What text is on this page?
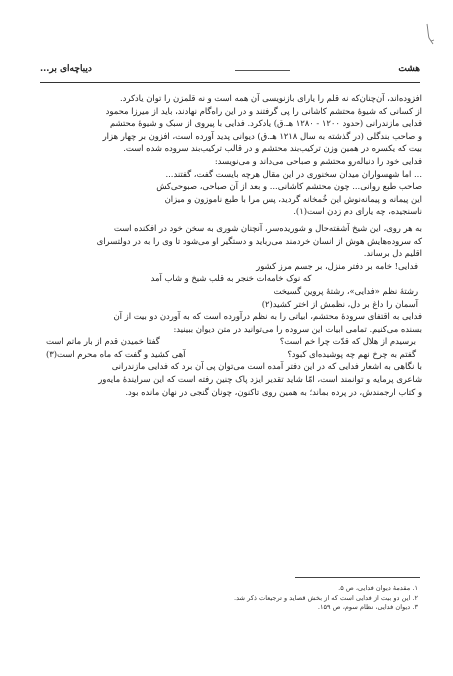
هشت
دیباچه‌ای بر...

افزوده‌اند، آن‌چنان‌که نه قلم را یارای بازنویسی آن همه است و نه قلمزن را توان یادکرد.

از کسانی که شیوهٔ محتشم کاشانی را پی گرفتند و در این راه‌گام نهادند، باید از میرزا محمود

فدایی مازندرانی (حدود ۱۲۰۰ - ۱۲۸۰ هـ.ق) یادکرد. فدایی با پیروی از سبک و شیوهٔ محتشم

و صاحب بندگلی (در گذشته به سال ۱۲۱۸ هـ.ق) دیوانی پدید آورده است، افزون بر چهار هزار

بیت که یکسره در همین وزن ترکیب‌بند محتشم و در قالب ترکیب‌بند سروده شده است.

فدایی خود را دنباله‌رو محتشم و صباحی می‌داند و می‌نویسد:

... اما شهسواران میدان سخنوری در این مقال هرچه بایست گفت، گفتند...

صاحب طبع روانی... چون محتشم کاشانی... و بعد از آن صباحی، صبوحی‌کش

این پیمانه و پیمانه‌نوش این خُمخانه گردید، پس مرا با طبع ناموزون و میزان

ناسنجیده، چه یارای دم زدن است(۱).

به هر روی، این شیخ آشفته‌حال و شوریده‌سر، آنچنان شوری به سخن خود در افکنده است

که سروده‌هایش هوش از انسان خردمند می‌رباید و دستگیر او می‌شود تا وی را به در دولتسرای

اقلیم دل برساند.

فدایی! خامه بر دفتر منزل، بر جسم مرز کشور

که نوک خامه‌ات خنجر به قلب شیخ و شاب آمد

رشتهٔ نظم «فدایی»، رشتهٔ پروین گسیخت

آسمان را داغ بر دل، نظمش از اختر کشید(۲)

فدایی به اقتفای سرودهٔ محتشم، ابیاتی را به نظم درآورده است که به آوردن دو بیت از آن

بسنده می‌کنیم. تمامی ابیات این سروده را می‌توانید در متن دیوان ببینید:

برسیدم از هلال که قدّت چرا خم است؟
گفتا خمیدن قدم از بار ماتم است
گفتم به چرخ نهم چه پوشیده‌ای کبود؟
آهی کشید و گفت که ماه محرم است(۳)

با نگاهی به اشعار فدایی که در این دفتر آمده است می‌توان پی آن برد که فدایی مازندرانی

شاعری پرمایه و توانمند است، امّا شاید تقدیر ایزد پاک چنین رفته است که این سرایندهٔ مایه‌ور

و کتاب ارجمندش، در پرده بماند؛ به همین روی تاکنون، چونان گنجی در نهان مانده بود.

۱. مقدمهٔ دیوان فدایی، ص ۵.
۲. این دو بیت از فدایی است که از بخش قصاید و ترجیعات ذکر شد.
۳. دیوان فدایی، نظام سوم، ص ۱۵۹.
